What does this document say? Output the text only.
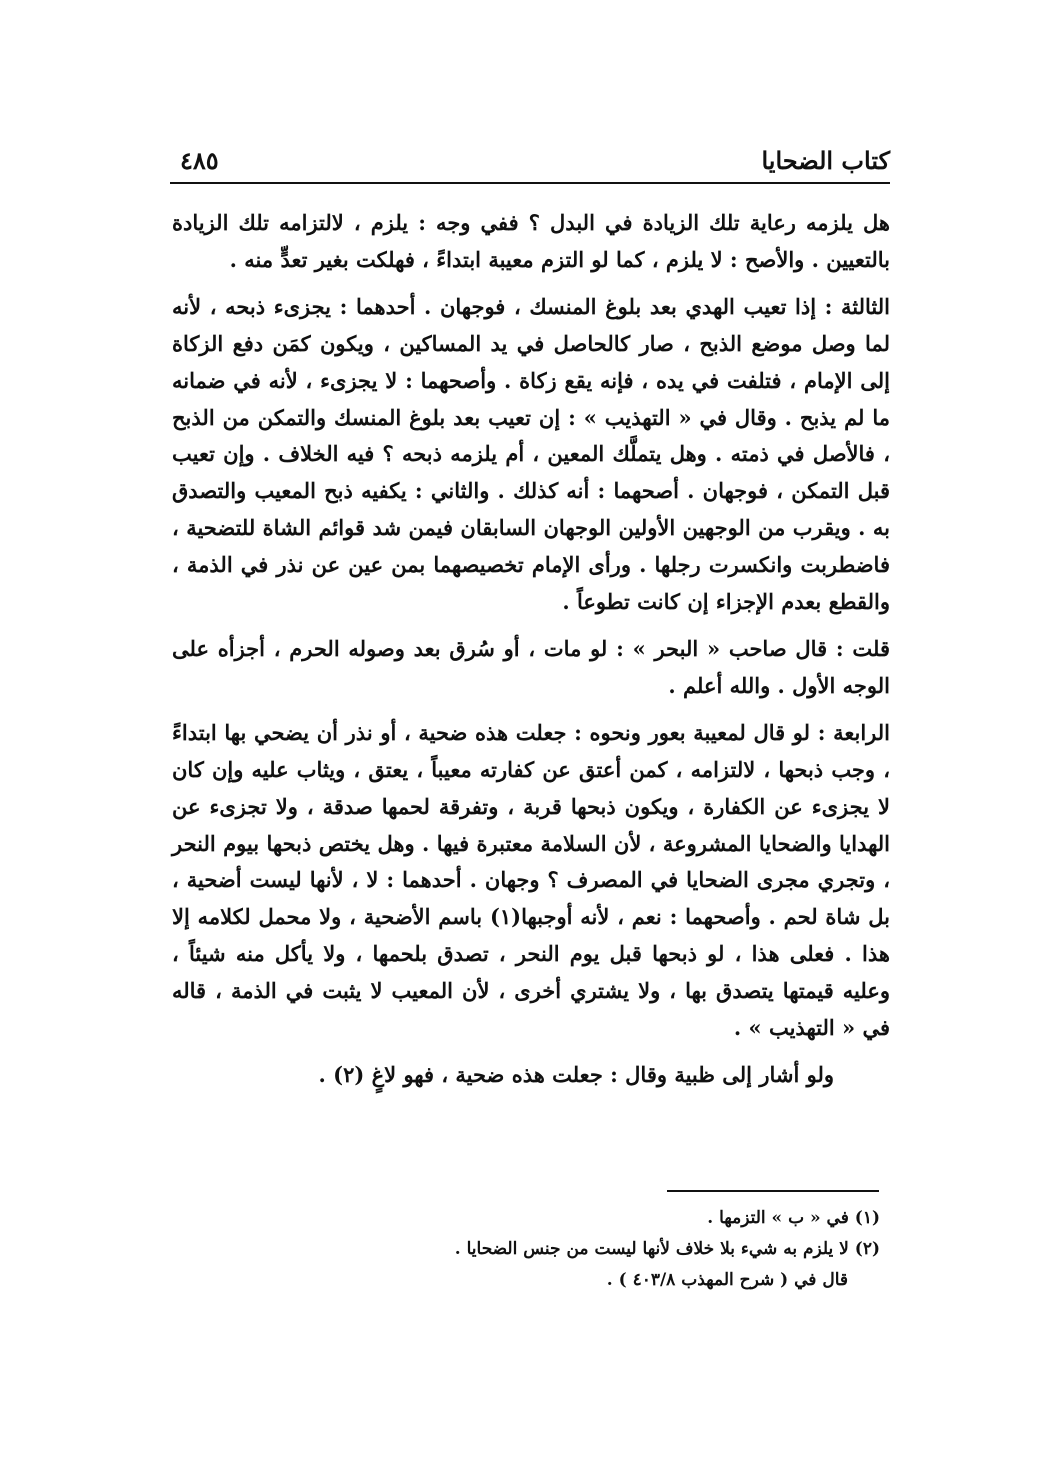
كتاب الضحايا
٤٨٥

هل يلزمه رعاية تلك الزيادة في البدل ؟ ففي وجه : يلزم ، لالتزامه تلك الزيادة بالتعيين . والأصح : لا يلزم ، كما لو التزم معيبة ابتداءً ، فهلكت بغير تعدٍّ منه .

الثالثة : إذا تعيب الهدي بعد بلوغ المنسك ، فوجهان . أحدهما : يجزىء ذبحه ، لأنه لما وصل موضع الذبح ، صار كالحاصل في يد المساكين ، ويكون كمَن دفع الزكاة إلى الإمام ، فتلفت في يده ، فإنه يقع زكاة . وأصحهما : لا يجزىء ، لأنه في ضمانه ما لم يذبح . وقال في « التهذيب » : إن تعيب بعد بلوغ المنسك والتمكن من الذبح ، فالأصل في ذمته . وهل يتملَّك المعين ، أم يلزمه ذبحه ؟ فيه الخلاف . وإن تعيب قبل التمكن ، فوجهان . أصحهما : أنه كذلك . والثاني : يكفيه ذبح المعيب والتصدق به . ويقرب من الوجهين الأولين الوجهان السابقان فيمن شد قوائم الشاة للتضحية ، فاضطربت وانكسرت رجلها . ورأى الإمام تخصيصهما بمن عين عن نذر في الذمة ، والقطع بعدم الإجزاء إن كانت تطوعاً .

قلت : قال صاحب « البحر » : لو مات ، أو سُرق بعد وصوله الحرم ، أجزأه على الوجه الأول . والله أعلم .

الرابعة : لو قال لمعيبة بعور ونحوه : جعلت هذه ضحية ، أو نذر أن يضحي بها ابتداءً ، وجب ذبحها ، لالتزامه ، كمن أعتق عن كفارته معيباً ، يعتق ، ويثاب عليه وإن كان لا يجزىء عن الكفارة ، ويكون ذبحها قربة ، وتفرقة لحمها صدقة ، ولا تجزىء عن الهدايا والضحايا المشروعة ، لأن السلامة معتبرة فيها . وهل يختص ذبحها بيوم النحر ، وتجري مجرى الضحايا في المصرف ؟ وجهان . أحدهما : لا ، لأنها ليست أضحية ، بل شاة لحم . وأصحهما : نعم ، لأنه أوجبها(١) باسم الأضحية ، ولا محمل لكلامه إلا هذا . فعلى هذا ، لو ذبحها قبل يوم النحر ، تصدق بلحمها ، ولا يأكل منه شيئاً ، وعليه قيمتها يتصدق بها ، ولا يشتري أخرى ، لأن المعيب لا يثبت في الذمة ، قاله في « التهذيب » .

ولو أشار إلى ظبية وقال : جعلت هذه ضحية ، فهو لاغٍ (٢) .

(١) في « ب » التزمها .

(٢) لا يلزم به شيء بلا خلاف لأنها ليست من جنس الضحايا .

قال في ( شرح المهذب ٤٠٣/٨ ) .
